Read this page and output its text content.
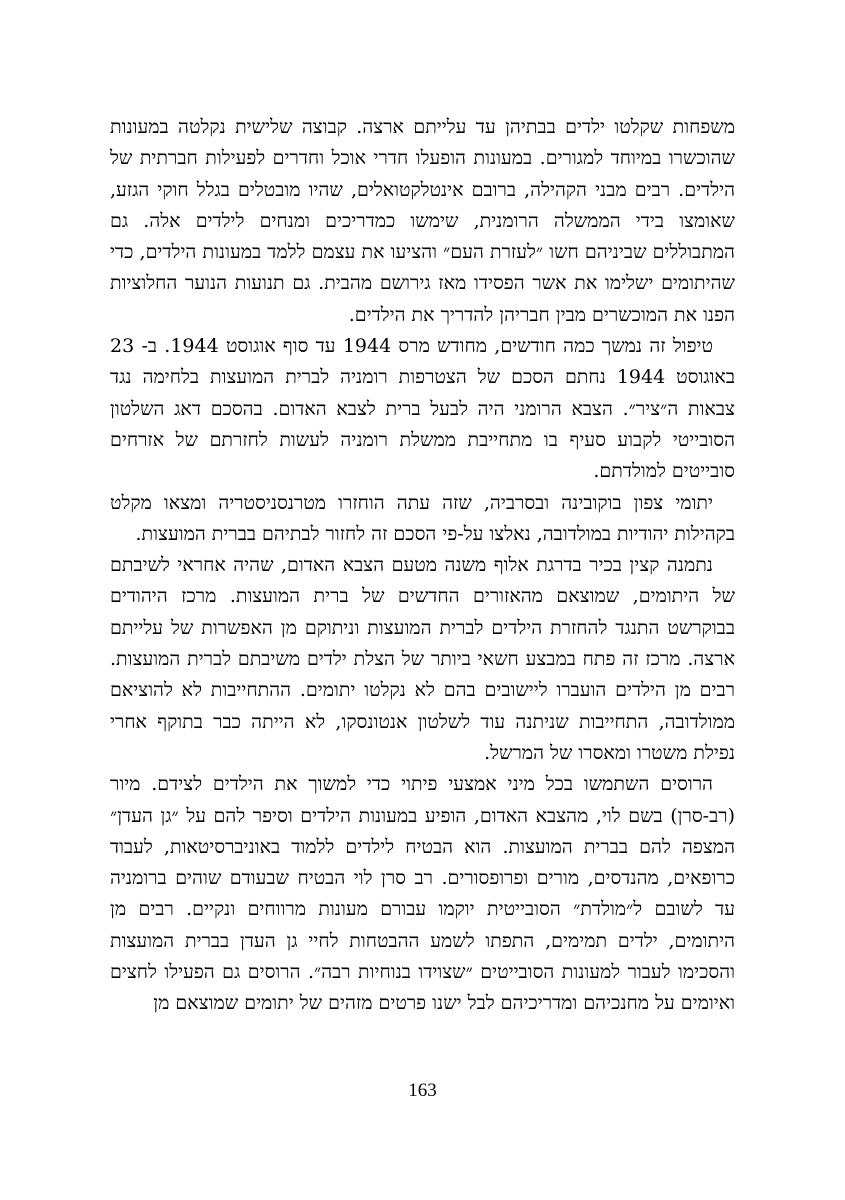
משפחות שקלטו ילדים בבתיהן עד עלייתם ארצה. קבוצה שלישית נקלטה במעונות שהוכשרו במיוחד למגורים. במעונות הופעלו חדרי אוכל וחדרים לפעילות חברתית של הילדים. רבים מבני הקהילה, ברובם אינטלקטואלים, שהיו מובטלים בגלל חוקי הגזע, שאומצו בידי הממשלה הרומנית, שימשו כמדריכים ומנחים לילדים אלה. גם המתבוללים שביניהם חשו ״לעזרת העם״ והציעו את עצמם ללמד במעונות הילדים, כדי שהיתומים ישלימו את אשר הפסידו מאז גירושם מהבית. גם תנועות הנוער החלוציות הפנו את המוכשרים מבין חבריהן להדריך את הילדים.

טיפול זה נמשך כמה חודשים, מחודש מרס 1944 עד סוף אוגוסט 1944. ב- 23 באוגוסט 1944 נחתם הסכם של הצטרפות רומניה לברית המועצות בלחימה נגד צבאות ה״ציר״. הצבא הרומני היה לבעל ברית לצבא האדום. בהסכם דאג השלטון הסובייטי לקבוע סעיף בו מתחייבת ממשלת רומניה לעשות לחזרתם של אזרחים סובייטים למולדתם.

יתומי צפון בוקובינה ובסרביה, שזה עתה הוחזרו מטרנסניסטריה ומצאו מקלט בקהילות יהודיות במולדובה, נאלצו על-פי הסכם זה לחזור לבתיהם בברית המועצות.

נתמנה קצין בכיר בדרגת אלוף משנה מטעם הצבא האדום, שהיה אחראי לשיבתם של היתומים, שמוצאם מהאזורים החדשים של ברית המועצות. מרכז היהודים בבוקרשט התנגד להחזרת הילדים לברית המועצות וניתוקם מן האפשרות של עלייתם ארצה. מרכז זה פתח במבצע חשאי ביותר של הצלת ילדים משיבתם לברית המועצות. רבים מן הילדים הועברו ליישובים בהם לא נקלטו יתומים. ההתחייבות לא להוציאם ממולדובה, התחייבות שניתנה עוד לשלטון אנטונסקו, לא הייתה כבר בתוקף אחרי נפילת משטרו ומאסרו של המרשל.

הרוסים השתמשו בכל מיני אמצעי פיתוי כדי למשוך את הילדים לצידם. מיור (רב-סרן) בשם לוי, מהצבא האדום, הופיע במעונות הילדים וסיפר להם על ״גן העדן״ המצפה להם בברית המועצות. הוא הבטיח לילדים ללמוד באוניברסיטאות, לעבוד כרופאים, מהנדסים, מורים ופרופסורים. רב סרן לוי הבטיח שבעודם שוהים ברומניה עד לשובם ל״מולדת״ הסובייטית יוקמו עבורם מעונות מרווחים ונקיים. רבים מן היתומים, ילדים תמימים, התפתו לשמע ההבטחות לחיי גן העדן בברית המועצות והסכימו לעבור למעונות הסובייטים ״שצוידו בנוחיות רבה״. הרוסים גם הפעילו לחצים ואיומים על מחנכיהם ומדריכיהם לבל ישנו פרטים מזהים של יתומים שמוצאם מן

163
